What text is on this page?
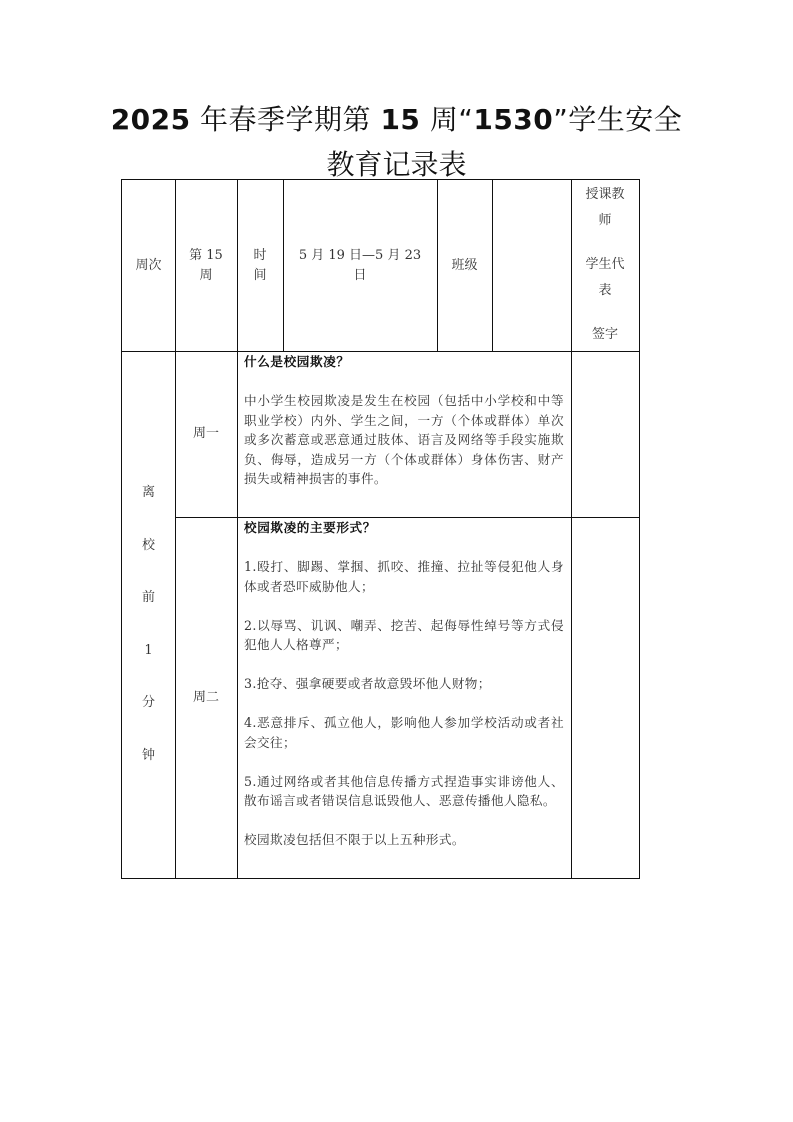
2025 年春季学期第 15 周“1530”学生安全
教育记录表
周次
第 15
周
时
间
5 月 19 日—5 月 23
日
班级
授课教
师
学生代
表
签字
离
校
前
1
分
钟
周一

什么是校园欺凌？

中小学生校园欺凌是发生在校园（包括中小学校和中等职业学校）内外、学生之间，一方（个体或群体）单次或多次蓄意或恶意通过肢体、语言及网络等手段实施欺负、侮辱，造成另一方（个体或群体）身体伤害、财产损失或精神损害的事件。

周二

校园欺凌的主要形式？

1.殴打、脚踢、掌掴、抓咬、推撞、拉扯等侵犯他人身体或者恐吓威胁他人；

2.以辱骂、讥讽、嘲弄、挖苦、起侮辱性绰号等方式侵犯他人人格尊严；

3.抢夺、强拿硬要或者故意毁坏他人财物；

4.恶意排斥、孤立他人，影响他人参加学校活动或者社会交往；

5.通过网络或者其他信息传播方式捏造事实诽谤他人、散布谣言或者错误信息诋毁他人、恶意传播他人隐私。

校园欺凌包括但不限于以上五种形式。
